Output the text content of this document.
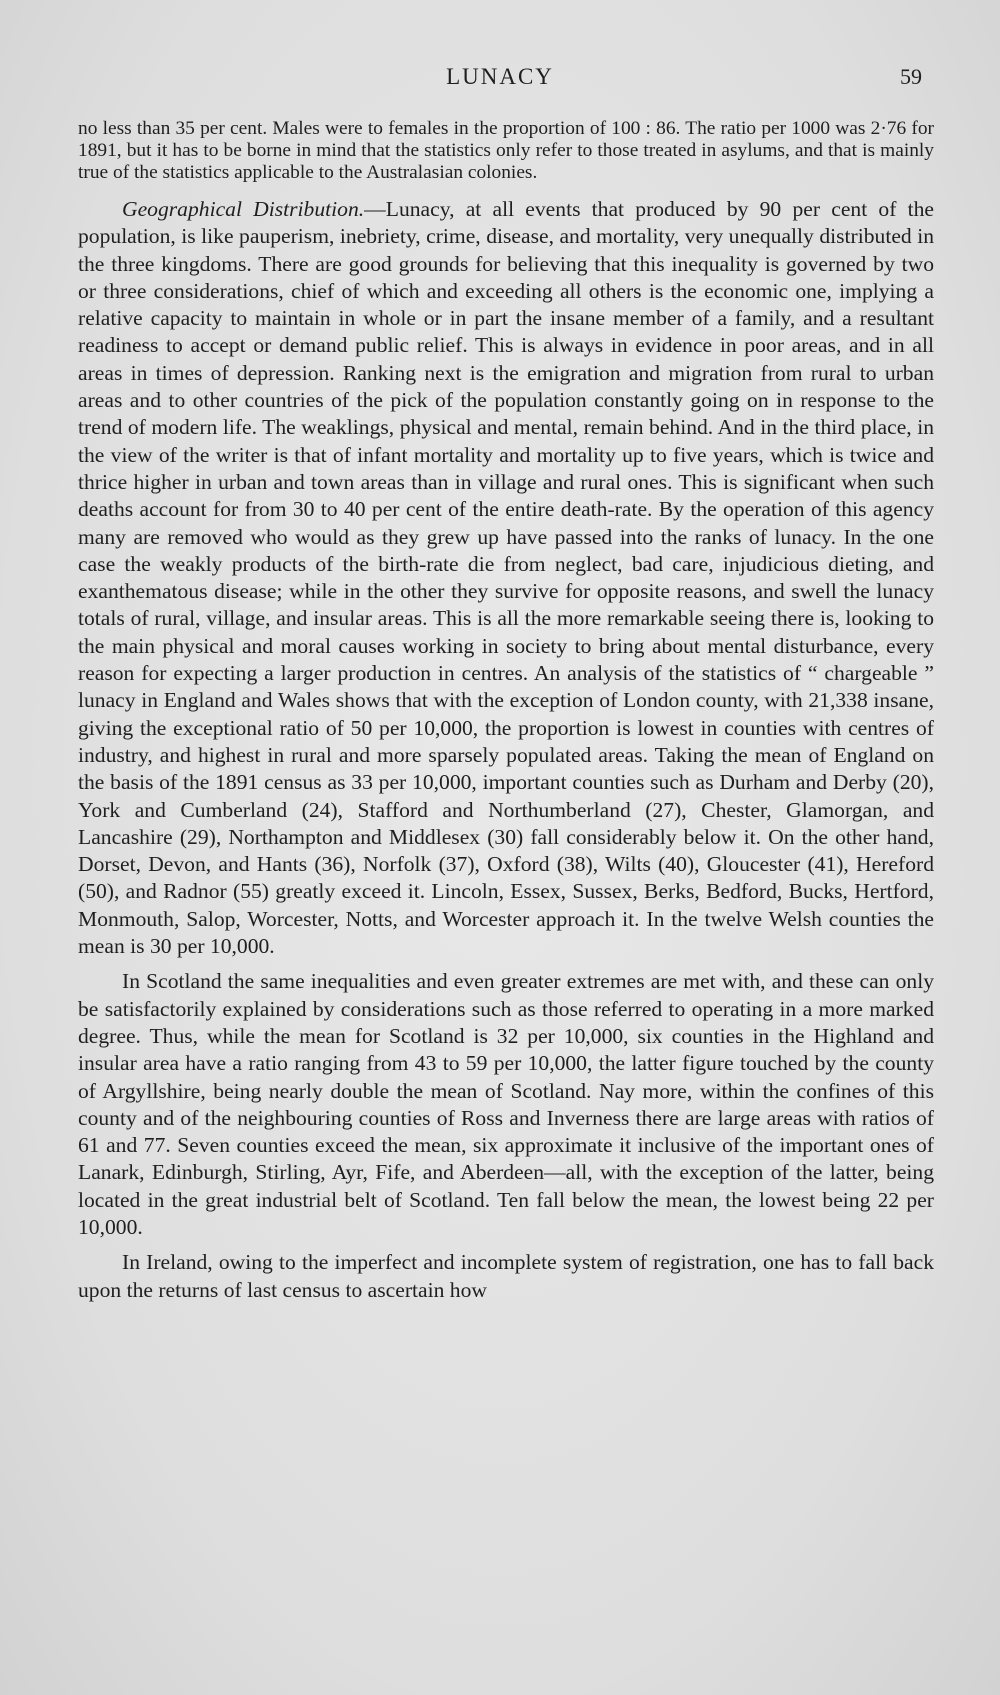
LUNACY	59

no less than 35 per cent. Males were to females in the proportion of 100 : 86. The ratio per 1000 was 2·76 for 1891, but it has to be borne in mind that the statistics only refer to those treated in asylums, and that is mainly true of the statistics applicable to the Australasian colonies.

Geographical Distribution.—Lunacy, at all events that produced by 90 per cent of the population, is like pauperism, inebriety, crime, disease, and mortality, very unequally distributed in the three kingdoms. There are good grounds for believing that this inequality is governed by two or three considerations, chief of which and exceeding all others is the economic one, implying a relative capacity to maintain in whole or in part the insane member of a family, and a resultant readiness to accept or demand public relief. This is always in evidence in poor areas, and in all areas in times of depression. Ranking next is the emigration and migration from rural to urban areas and to other countries of the pick of the population constantly going on in response to the trend of modern life. The weaklings, physical and mental, remain behind. And in the third place, in the view of the writer is that of infant mortality and mortality up to five years, which is twice and thrice higher in urban and town areas than in village and rural ones. This is significant when such deaths account for from 30 to 40 per cent of the entire death-rate. By the operation of this agency many are removed who would as they grew up have passed into the ranks of lunacy. In the one case the weakly products of the birth-rate die from neglect, bad care, injudicious dieting, and exanthematous disease; while in the other they survive for opposite reasons, and swell the lunacy totals of rural, village, and insular areas. This is all the more remarkable seeing there is, looking to the main physical and moral causes working in society to bring about mental disturbance, every reason for expecting a larger production in centres. An analysis of the statistics of “ chargeable ” lunacy in England and Wales shows that with the exception of London county, with 21,338 insane, giving the exceptional ratio of 50 per 10,000, the proportion is lowest in counties with centres of industry, and highest in rural and more sparsely populated areas. Taking the mean of England on the basis of the 1891 census as 33 per 10,000, important counties such as Durham and Derby (20), York and Cumberland (24), Stafford and Northumberland (27), Chester, Glamorgan, and Lancashire (29), Northampton and Middlesex (30) fall considerably below it. On the other hand, Dorset, Devon, and Hants (36), Norfolk (37), Oxford (38), Wilts (40), Gloucester (41), Hereford (50), and Radnor (55) greatly exceed it. Lincoln, Essex, Sussex, Berks, Bedford, Bucks, Hertford, Monmouth, Salop, Worcester, Notts, and Worcester approach it. In the twelve Welsh counties the mean is 30 per 10,000.

In Scotland the same inequalities and even greater extremes are met with, and these can only be satisfactorily explained by considerations such as those referred to operating in a more marked degree. Thus, while the mean for Scotland is 32 per 10,000, six counties in the Highland and insular area have a ratio ranging from 43 to 59 per 10,000, the latter figure touched by the county of Argyllshire, being nearly double the mean of Scotland. Nay more, within the confines of this county and of the neighbouring counties of Ross and Inverness there are large areas with ratios of 61 and 77. Seven counties exceed the mean, six approximate it inclusive of the important ones of Lanark, Edinburgh, Stirling, Ayr, Fife, and Aberdeen—all, with the exception of the latter, being located in the great industrial belt of Scotland. Ten fall below the mean, the lowest being 22 per 10,000.

In Ireland, owing to the imperfect and incomplete system of registration, one has to fall back upon the returns of last census to ascertain how
